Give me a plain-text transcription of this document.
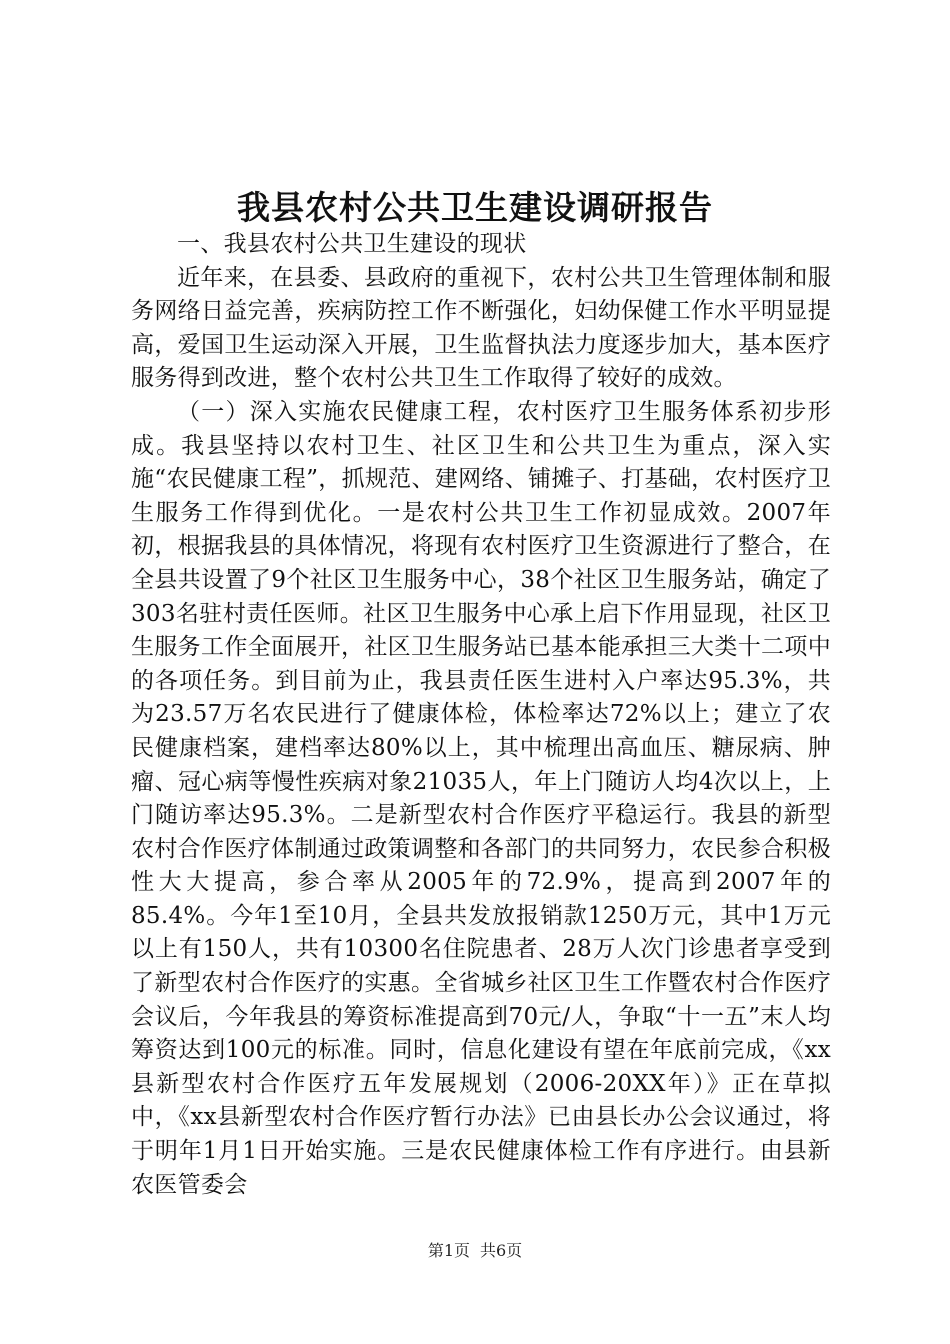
我县农村公共卫生建设调研报告

一、我县农村公共卫生建设的现状

近年来，在县委、县政府的重视下，农村公共卫生管理体制和服务网络日益完善，疾病防控工作不断强化，妇幼保健工作水平明显提高，爱国卫生运动深入开展，卫生监督执法力度逐步加大，基本医疗服务得到改进，整个农村公共卫生工作取得了较好的成效。

（一）深入实施农民健康工程，农村医疗卫生服务体系初步形成。我县坚持以农村卫生、社区卫生和公共卫生为重点，深入实施“农民健康工程”，抓规范、建网络、铺摊子、打基础，农村医疗卫生服务工作得到优化。一是农村公共卫生工作初显成效。2007年初，根据我县的具体情况，将现有农村医疗卫生资源进行了整合，在全县共设置了9个社区卫生服务中心，38个社区卫生服务站，确定了303名驻村责任医师。社区卫生服务中心承上启下作用显现，社区卫生服务工作全面展开，社区卫生服务站已基本能承担三大类十二项中的各项任务。到目前为止，我县责任医生进村入户率达95.3%，共为23.57万名农民进行了健康体检，体检率达72%以上；建立了农民健康档案，建档率达80%以上，其中梳理出高血压、糖尿病、肿瘤、冠心病等慢性疾病对象21035人，年上门随访人均4次以上，上门随访率达95.3%。二是新型农村合作医疗平稳运行。我县的新型农村合作医疗体制通过政策调整和各部门的共同努力，农民参合积极性大大提高，参合率从2005年的72.9%，提高到2007年的85.4%。今年1至10月，全县共发放报销款1250万元，其中1万元以上有150人，共有10300名住院患者、28万人次门诊患者享受到了新型农村合作医疗的实惠。全省城乡社区卫生工作暨农村合作医疗会议后，今年我县的筹资标准提高到70元/人，争取“十一五”末人均筹资达到100元的标准。同时，信息化建设有望在年底前完成，《xx县新型农村合作医疗五年发展规划（2006-20XX年）》正在草拟中，《xx县新型农村合作医疗暂行办法》已由县长办公会议通过，将于明年1月1日开始实施。三是农民健康体检工作有序进行。由县新农医管委会

第1页 共6页
